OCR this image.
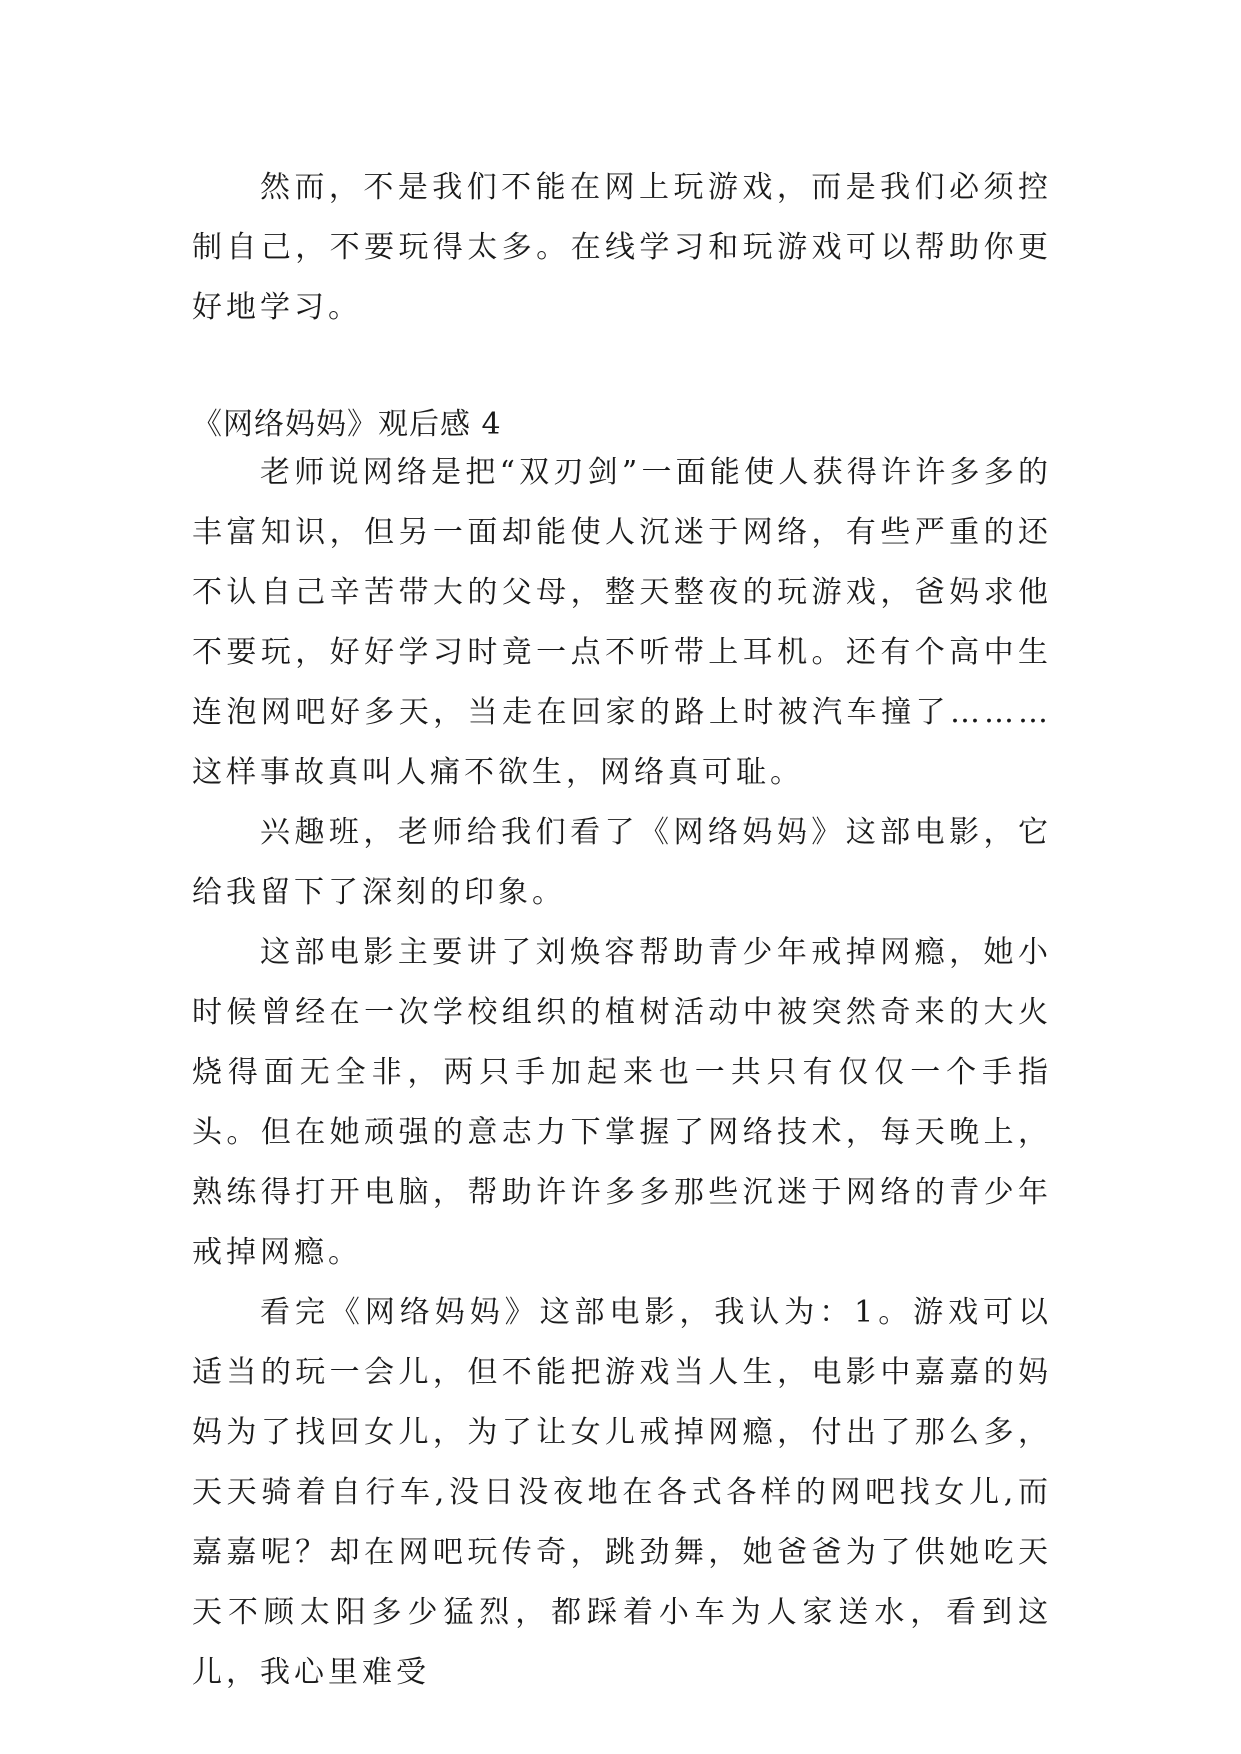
然而，不是我们不能在网上玩游戏，而是我们必须控制自己，不要玩得太多。在线学习和玩游戏可以帮助你更好地学习。

《网络妈妈》观后感 4

老师说网络是把“双刃剑”一面能使人获得许许多多的丰富知识，但另一面却能使人沉迷于网络，有些严重的还不认自己辛苦带大的父母，整天整夜的玩游戏，爸妈求他不要玩，好好学习时竟一点不听带上耳机。还有个高中生连泡网吧好多天，当走在回家的路上时被汽车撞了………这样事故真叫人痛不欲生，网络真可耻。

兴趣班，老师给我们看了《网络妈妈》这部电影，它给我留下了深刻的印象。

这部电影主要讲了刘焕容帮助青少年戒掉网瘾，她小时候曾经在一次学校组织的植树活动中被突然奇来的大火烧得面无全非，两只手加起来也一共只有仅仅一个手指头。但在她顽强的意志力下掌握了网络技术，每天晚上，熟练得打开电脑，帮助许许多多那些沉迷于网络的青少年戒掉网瘾。

看完《网络妈妈》这部电影，我认为：1。游戏可以适当的玩一会儿，但不能把游戏当人生，电影中嘉嘉的妈妈为了找回女儿，为了让女儿戒掉网瘾，付出了那么多，天天骑着自行车,没日没夜地在各式各样的网吧找女儿,而嘉嘉呢？却在网吧玩传奇，跳劲舞，她爸爸为了供她吃天天不顾太阳多少猛烈，都踩着小车为人家送水，看到这儿，我心里难受
